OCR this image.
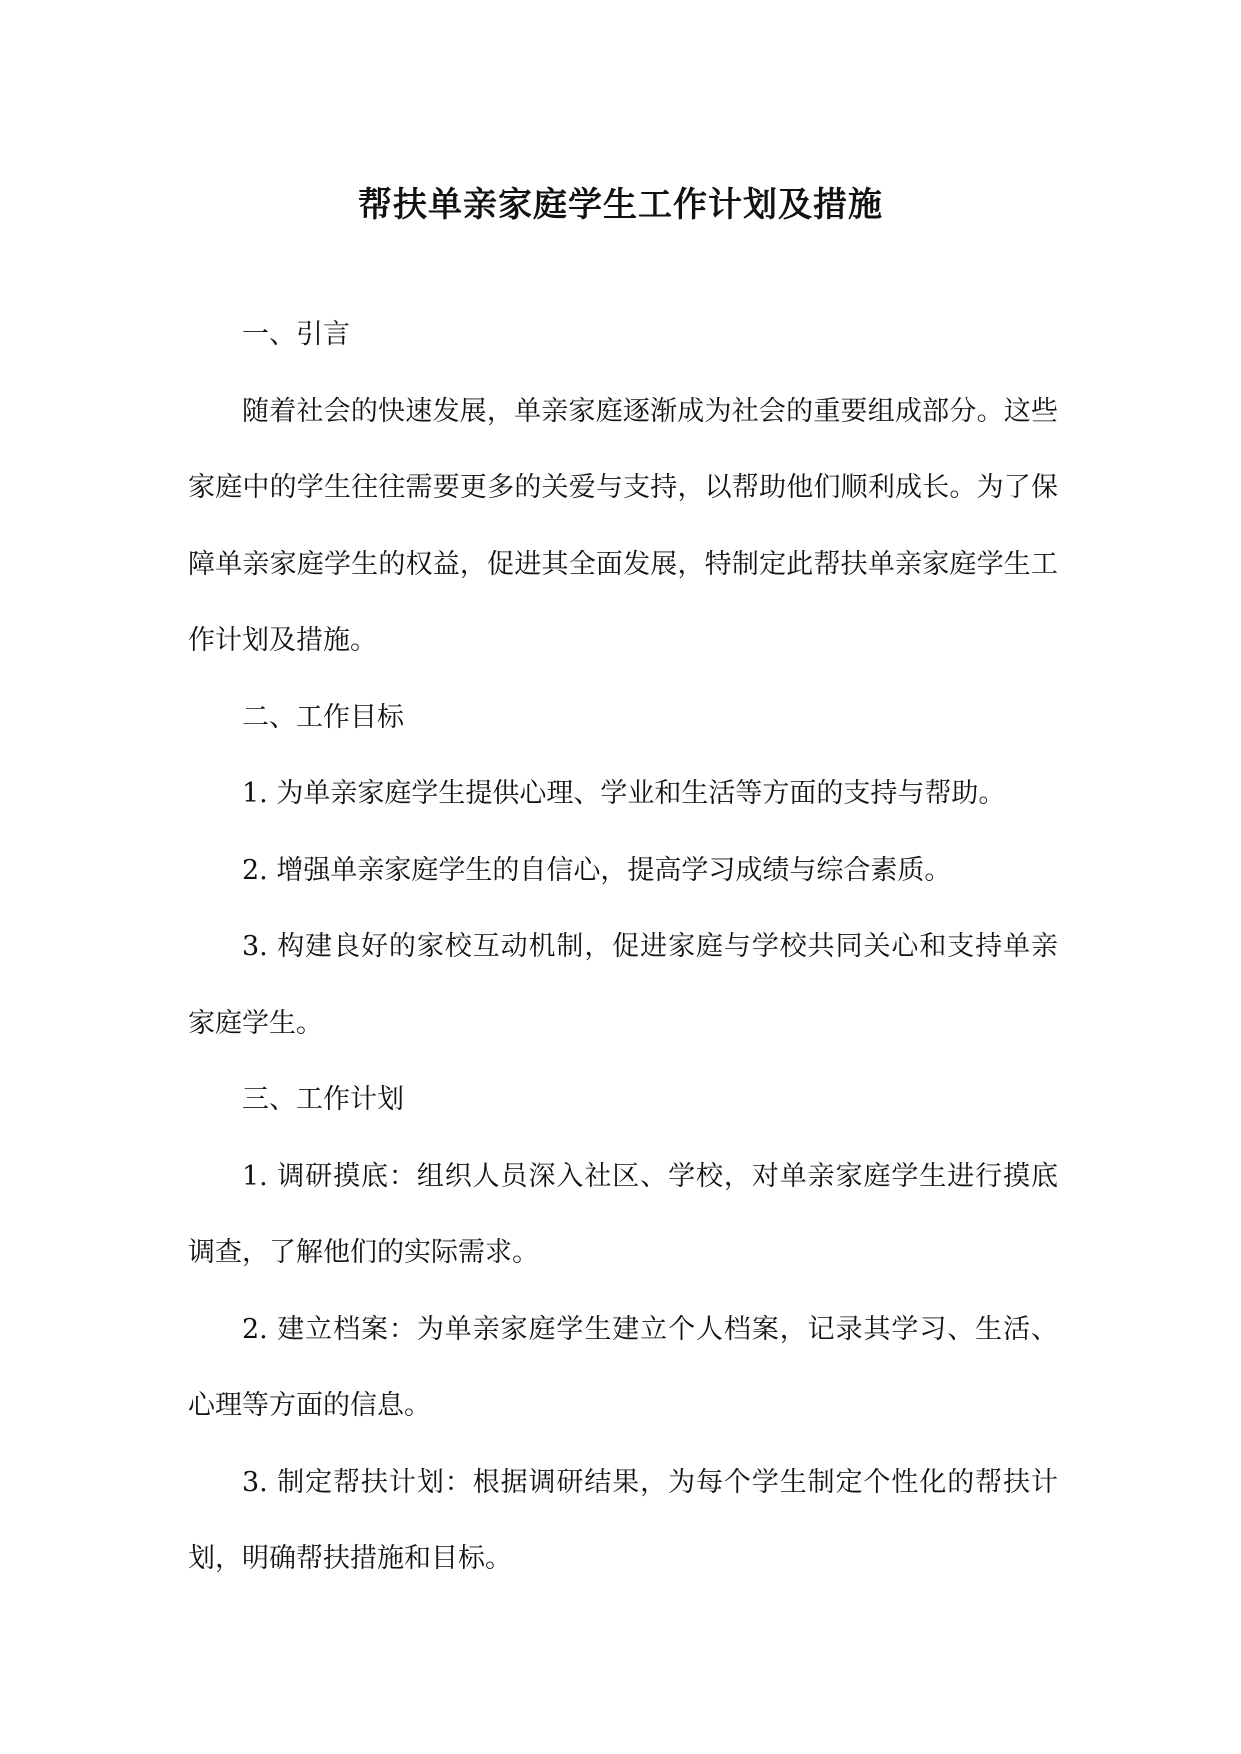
帮扶单亲家庭学生工作计划及措施

一、引言

随着社会的快速发展，单亲家庭逐渐成为社会的重要组成部分。这些家庭中的学生往往需要更多的关爱与支持，以帮助他们顺利成长。为了保障单亲家庭学生的权益，促进其全面发展，特制定此帮扶单亲家庭学生工作计划及措施。

二、工作目标

1. 为单亲家庭学生提供心理、学业和生活等方面的支持与帮助。

2. 增强单亲家庭学生的自信心，提高学习成绩与综合素质。

3. 构建良好的家校互动机制，促进家庭与学校共同关心和支持单亲家庭学生。

三、工作计划

1. 调研摸底：组织人员深入社区、学校，对单亲家庭学生进行摸底调查，了解他们的实际需求。

2. 建立档案：为单亲家庭学生建立个人档案，记录其学习、生活、心理等方面的信息。

3. 制定帮扶计划：根据调研结果，为每个学生制定个性化的帮扶计划，明确帮扶措施和目标。
